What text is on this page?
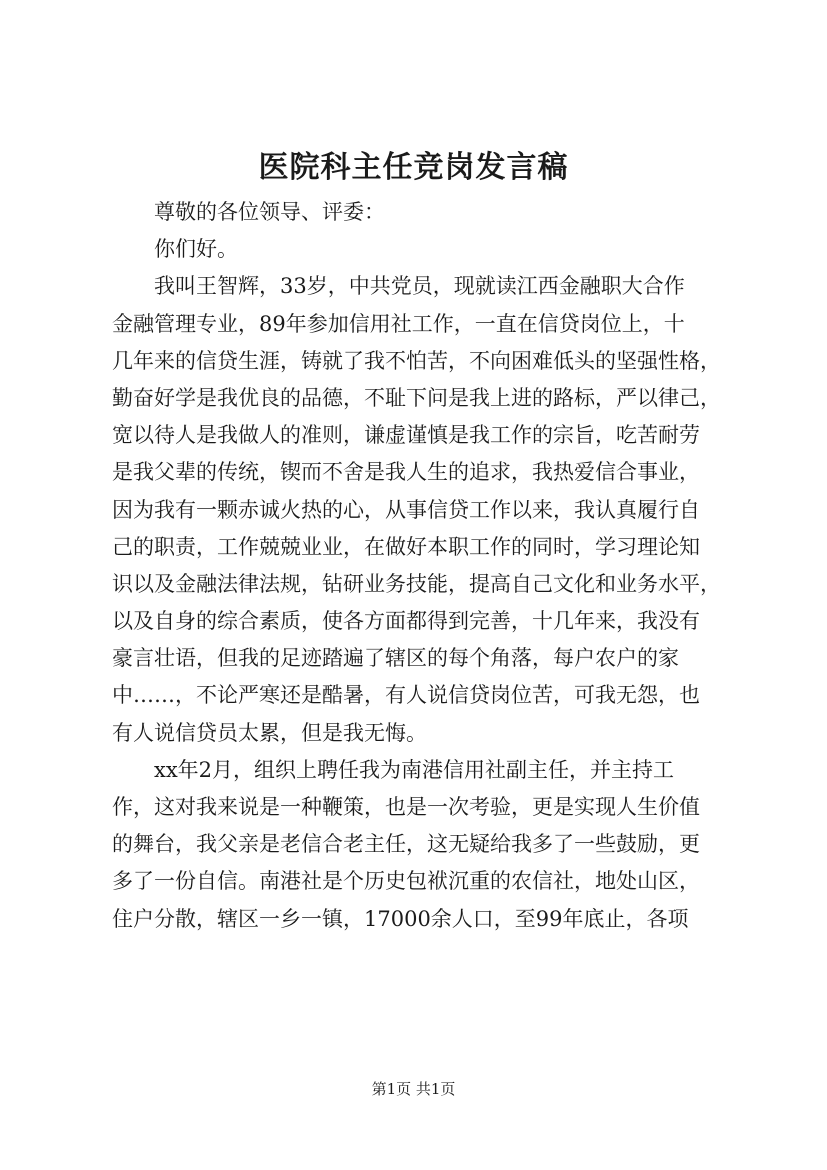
医院科主任竞岗发言稿
尊敬的各位领导、评委：
你们好。
我叫王智辉，33岁，中共党员，现就读江西金融职大合作
金融管理专业，89年参加信用社工作，一直在信贷岗位上，十
几年来的信贷生涯，铸就了我不怕苦，不向困难低头的坚强性格，
勤奋好学是我优良的品德，不耻下问是我上进的路标，严以律己，
宽以待人是我做人的准则，谦虚谨慎是我工作的宗旨，吃苦耐劳
是我父辈的传统，锲而不舍是我人生的追求，我热爱信合事业，
因为我有一颗赤诚火热的心，从事信贷工作以来，我认真履行自
己的职责，工作兢兢业业，在做好本职工作的同时，学习理论知
识以及金融法律法规，钻研业务技能，提高自己文化和业务水平，
以及自身的综合素质，使各方面都得到完善，十几年来，我没有
豪言壮语，但我的足迹踏遍了辖区的每个角落，每户农户的家
中……，不论严寒还是酷暑，有人说信贷岗位苦，可我无怨，也
有人说信贷员太累，但是我无悔。
xx年2月，组织上聘任我为南港信用社副主任，并主持工
作，这对我来说是一种鞭策，也是一次考验，更是实现人生价值
的舞台，我父亲是老信合老主任，这无疑给我多了一些鼓励，更
多了一份自信。南港社是个历史包袱沉重的农信社，地处山区，
住户分散，辖区一乡一镇，17000余人口，至99年底止，各项
第1页 共1页
